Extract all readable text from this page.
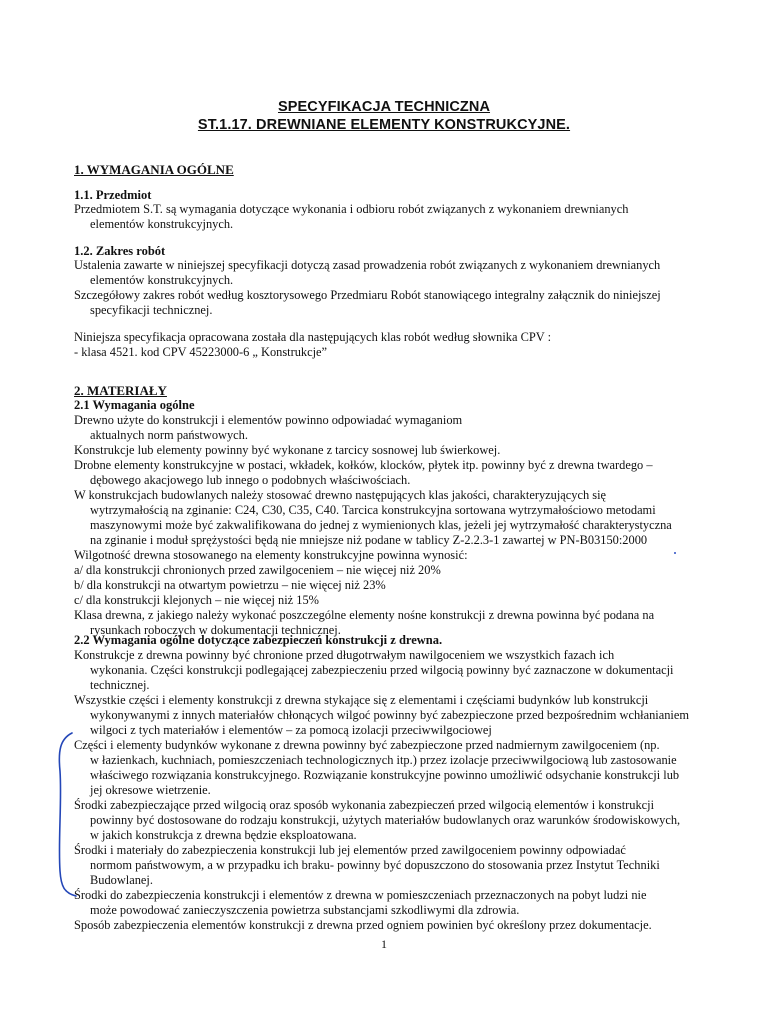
SPECYFIKACJA TECHNICZNA
ST.1.17. DREWNIANE ELEMENTY KONSTRUKCYJNE.
1. WYMAGANIA OGÓLNE
1.1. Przedmiot
Przedmiotem S.T. są wymagania dotyczące wykonania i odbioru robót związanych z wykonaniem drewnianych
elementów konstrukcyjnych.
1.2. Zakres robót
Ustalenia zawarte w niniejszej specyfikacji dotyczą zasad prowadzenia robót związanych z wykonaniem drewnianych
elementów konstrukcyjnych.
Szczegółowy zakres robót według kosztorysowego Przedmiaru Robót stanowiącego integralny załącznik do niniejszej
specyfikacji technicznej.
Niniejsza specyfikacja opracowana została dla następujących klas robót według słownika CPV :
- klasa 4521. kod CPV 45223000-6 „ Konstrukcje”
2. MATERIAŁY
2.1 Wymagania ogólne
Drewno użyte do konstrukcji i elementów powinno odpowiadać wymaganiom
aktualnych norm państwowych.
Konstrukcje lub elementy powinny być wykonane z tarcicy sosnowej lub świerkowej.
Drobne elementy konstrukcyjne w postaci, wkładek, kołków, klocków, płytek itp. powinny być z drewna twardego –
dębowego akacjowego lub innego o podobnych właściwościach.
W konstrukcjach budowlanych należy stosować drewno następujących klas jakości, charakteryzujących się
wytrzymałością na zginanie: C24, C30, C35, C40. Tarcica konstrukcyjna sortowana wytrzymałościowo metodami
maszynowymi może być zakwalifikowana do jednej z wymienionych klas, jeżeli jej wytrzymałość charakterystyczna
na zginanie i moduł sprężystości będą nie mniejsze niż podane w tablicy Z-2.2.3-1 zawartej w PN-B03150:2000
Wilgotność drewna stosowanego na elementy konstrukcyjne powinna wynosić:
a/ dla konstrukcji chronionych przed zawilgoceniem – nie więcej niż 20%
b/ dla konstrukcji na otwartym powietrzu – nie więcej niż 23%
c/ dla konstrukcji klejonych – nie więcej niż 15%
Klasa drewna, z jakiego należy wykonać poszczególne elementy nośne konstrukcji z drewna powinna być podana na
rysunkach roboczych w dokumentacji technicznej.
2.2 Wymagania ogólne dotyczące zabezpieczeń konstrukcji z drewna.
Konstrukcje z drewna powinny być chronione przed długotrwałym nawilgoceniem we wszystkich fazach ich
wykonania. Części konstrukcji podlegającej zabezpieczeniu przed wilgocią powinny być zaznaczone w dokumentacji
technicznej.
Wszystkie części i elementy konstrukcji z drewna stykające się z elementami i częściami budynków lub konstrukcji
wykonywanymi z innych materiałów chłonących wilgoć powinny być zabezpieczone przed bezpośrednim wchłanianiem
wilgoci z tych materiałów i elementów – za pomocą izolacji przeciwwilgociowej
Części i elementy budynków wykonane z drewna powinny być zabezpieczone przed nadmiernym zawilgoceniem (np.
w łazienkach, kuchniach, pomieszczeniach technologicznych itp.) przez izolacje przeciwwilgociową lub zastosowanie
właściwego rozwiązania konstrukcyjnego. Rozwiązanie konstrukcyjne powinno umożliwić odsychanie konstrukcji lub
jej okresowe wietrzenie.
Środki zabezpieczające przed wilgocią oraz sposób wykonania zabezpieczeń przed wilgocią elementów i konstrukcji
powinny być dostosowane do rodzaju konstrukcji, użytych materiałów budowlanych oraz warunków środowiskowych,
w jakich konstrukcja z drewna będzie eksploatowana.
Środki i materiały do zabezpieczenia konstrukcji lub jej elementów przed zawilgoceniem powinny odpowiadać
normom państwowym, a w przypadku ich braku- powinny być dopuszczono do stosowania przez Instytut Techniki
Budowlanej.
Środki do zabezpieczenia konstrukcji i elementów z drewna w pomieszczeniach przeznaczonych na pobyt ludzi nie
może powodować zanieczyszczenia powietrza substancjami szkodliwymi dla zdrowia.
Sposób zabezpieczenia elementów konstrukcji z drewna przed ogniem powinien być określony przez dokumentacje.
1
